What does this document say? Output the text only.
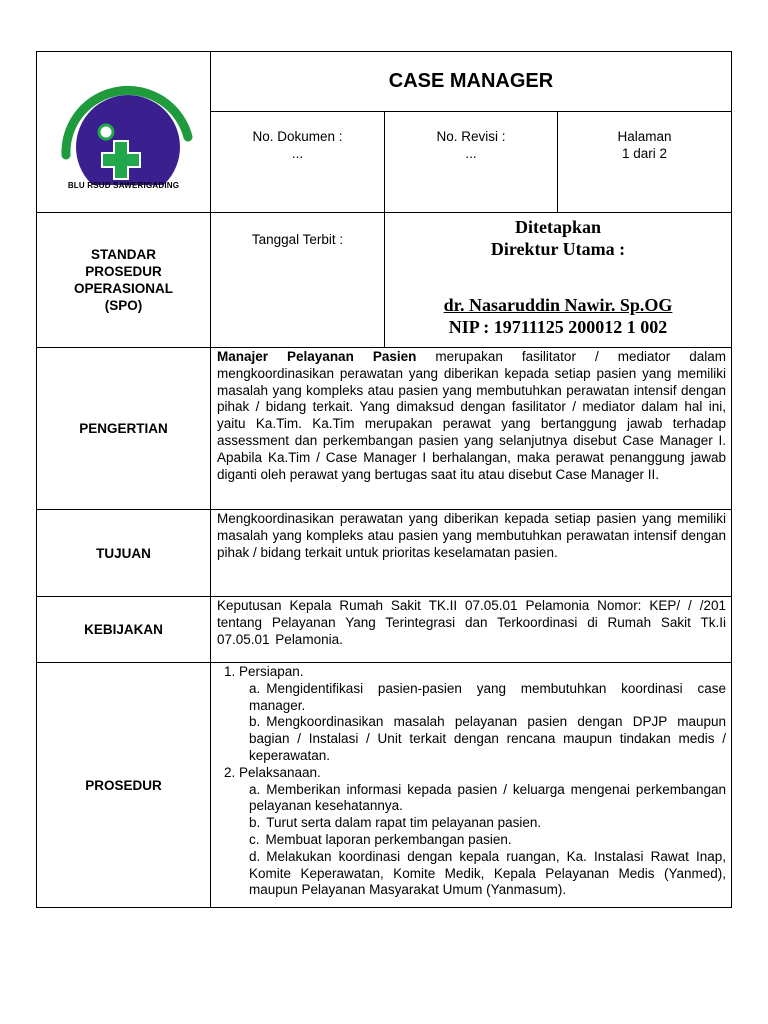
BLU RSUD SAWERIGADING
CASE MANAGER
No. Dokumen :
...
No. Revisi :
...
Halaman
1 dari 2
STANDAR
PROSEDUR
OPERASIONAL
(SPO)
Tanggal Terbit :
Ditetapkan
Direktur Utama :
dr. Nasaruddin Nawir. Sp.OG
NIP : 19711125 200012 1 002
PENGERTIAN
Manajer Pelayanan Pasien merupakan fasilitator / mediator dalam mengkoordinasikan perawatan yang diberikan kepada setiap pasien yang memiliki masalah yang kompleks atau pasien yang membutuhkan perawatan intensif dengan pihak / bidang terkait. Yang dimaksud dengan fasilitator / mediator dalam hal ini, yaitu Ka.Tim. Ka.Tim merupakan perawat yang bertanggung jawab terhadap assessment dan perkembangan pasien yang selanjutnya disebut Case Manager I. Apabila Ka.Tim / Case Manager I berhalangan, maka perawat penanggung jawab diganti oleh perawat yang bertugas saat itu atau disebut Case Manager II.
TUJUAN
Mengkoordinasikan perawatan yang diberikan kepada setiap pasien yang memiliki masalah yang kompleks atau pasien yang membutuhkan perawatan intensif dengan pihak / bidang terkait untuk prioritas keselamatan pasien.
KEBIJAKAN
Keputusan Kepala Rumah Sakit TK.II 07.05.01 Pelamonia Nomor: KEP/ / /201 tentang Pelayanan Yang Terintegrasi dan Terkoordinasi di Rumah Sakit Tk.Ii 07.05.01 Pelamonia.
PROSEDUR
1. Persiapan.
a. Mengidentifikasi pasien-pasien yang membutuhkan koordinasi case manager.
b. Mengkoordinasikan masalah pelayanan pasien dengan DPJP maupun bagian / Instalasi / Unit terkait dengan rencana maupun tindakan medis / keperawatan.
2. Pelaksanaan.
a. Memberikan informasi kepada pasien / keluarga mengenai perkembangan pelayanan kesehatannya.
b. Turut serta dalam rapat tim pelayanan pasien.
c. Membuat laporan perkembangan pasien.
d. Melakukan koordinasi dengan kepala ruangan, Ka. Instalasi Rawat Inap, Komite Keperawatan, Komite Medik, Kepala Pelayanan Medis (Yanmed), maupun Pelayanan Masyarakat Umum (Yanmasum).
